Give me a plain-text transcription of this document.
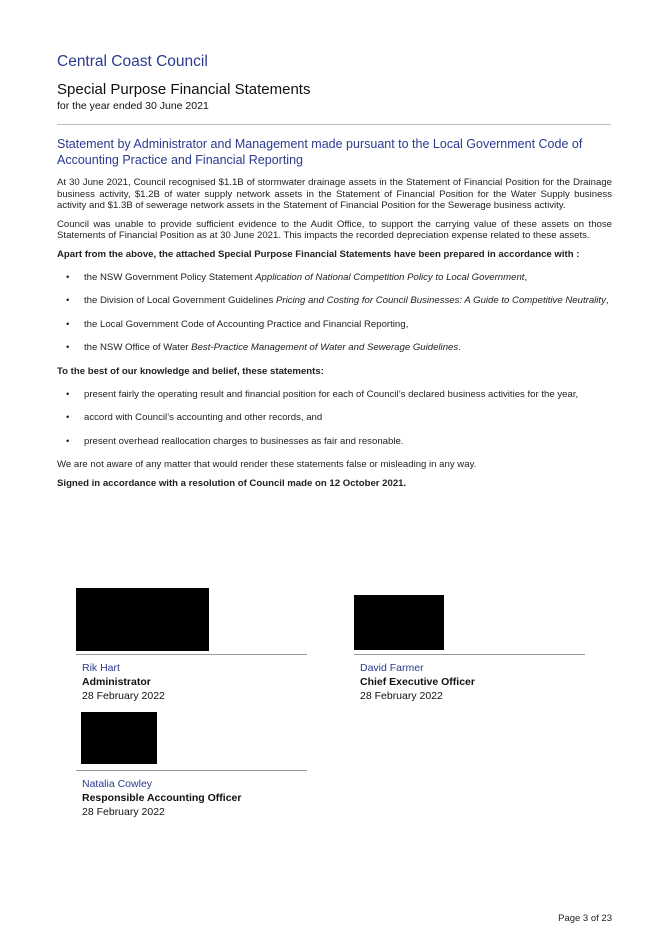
Central Coast Council
Special Purpose Financial Statements
for the year ended 30 June 2021
Statement by Administrator and Management made pursuant to the Local Government Code of Accounting Practice and Financial Reporting

At 30 June 2021, Council recognised $1.1B of stormwater drainage assets in the Statement of Financial Position for the Drainage business activity, $1.2B of water supply network assets in the Statement of Financial Position for the Water Supply business activity and $1.3B of sewerage network assets in the Statement of Financial Position for the Sewerage business activity.

Council was unable to provide sufficient evidence to the Audit Office, to support the carrying value of these assets on those Statements of Financial Position as at 30 June 2021. This impacts the recorded depreciation expense related to these assets.

Apart from the above, the attached Special Purpose Financial Statements have been prepared in accordance with :

• the NSW Government Policy Statement Application of National Competition Policy to Local Government,
• the Division of Local Government Guidelines Pricing and Costing for Council Businesses: A Guide to Competitive Neutrality,
• the Local Government Code of Accounting Practice and Financial Reporting,
• the NSW Office of Water Best-Practice Management of Water and Sewerage Guidelines.

To the best of our knowledge and belief, these statements:

• present fairly the operating result and financial position for each of Council’s declared business activities for the year,
• accord with Council’s accounting and other records, and
• present overhead reallocation charges to businesses as fair and resonable.

We are not aware of any matter that would render these statements false or misleading in any way.

Signed in accordance with a resolution of Council made on 12 October 2021.

Rik Hart
Administrator
28 February 2022
David Farmer
Chief Executive Officer
28 February 2022
Natalia Cowley
Responsible Accounting Officer
28 February 2022
Page 3 of 23
